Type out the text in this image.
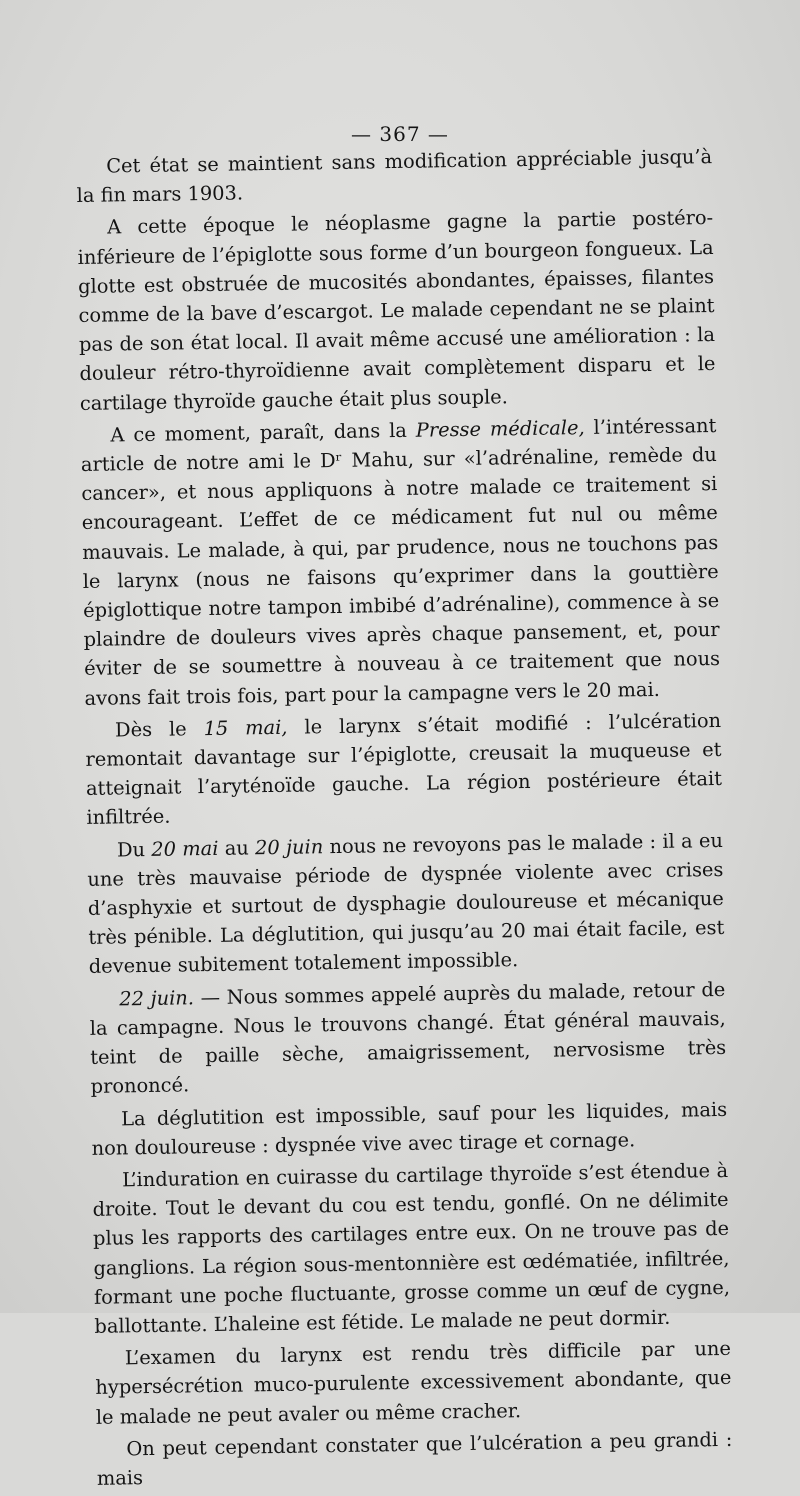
— 367 —

Cet état se maintient sans modification appréciable jusqu’à la fin mars 1903.

A cette époque le néoplasme gagne la partie postéro-inférieure de l’épiglotte sous forme d’un bourgeon fongueux. La glotte est obstruée de mucosités abondantes, épaisses, filantes comme de la bave d’escargot. Le malade cependant ne se plaint pas de son état local. Il avait même accusé une amélioration : la douleur rétro-thyroïdienne avait complètement disparu et le cartilage thyroïde gauche était plus souple.

A ce moment, paraît, dans la Presse médicale, l’intéressant article de notre ami le Dʳ Mahu, sur «l’adrénaline, remède du cancer», et nous appliquons à notre malade ce traitement si encourageant. L’effet de ce médicament fut nul ou même mauvais. Le malade, à qui, par prudence, nous ne touchons pas le larynx (nous ne faisons qu’exprimer dans la gouttière épiglottique notre tampon imbibé d’adrénaline), commence à se plaindre de douleurs vives après chaque pansement, et, pour éviter de se soumettre à nouveau à ce traitement que nous avons fait trois fois, part pour la campagne vers le 20 mai.

Dès le 15 mai, le larynx s’était modifié : l’ulcération remontait davantage sur l’épiglotte, creusait la muqueuse et atteignait l’aryténoïde gauche. La région postérieure était infiltrée.

Du 20 mai au 20 juin nous ne revoyons pas le malade : il a eu une très mauvaise période de dyspnée violente avec crises d’asphyxie et surtout de dysphagie douloureuse et mécanique très pénible. La déglutition, qui jusqu’au 20 mai était facile, est devenue subitement totalement impossible.

22 juin. — Nous sommes appelé auprès du malade, retour de la campagne. Nous le trouvons changé. État général mauvais, teint de paille sèche, amaigrissement, nervosisme très prononcé.

La déglutition est impossible, sauf pour les liquides, mais non douloureuse : dyspnée vive avec tirage et cornage.

L’induration en cuirasse du cartilage thyroïde s’est étendue à droite. Tout le devant du cou est tendu, gonflé. On ne délimite plus les rapports des cartilages entre eux. On ne trouve pas de ganglions. La région sous-mentonnière est œdématiée, infiltrée, formant une poche fluctuante, grosse comme un œuf de cygne, ballottante. L’haleine est fétide. Le malade ne peut dormir.

L’examen du larynx est rendu très difficile par une hypersécrétion muco-purulente excessivement abondante, que le malade ne peut avaler ou même cracher.

On peut cependant constater que l’ulcération a peu grandi : mais
